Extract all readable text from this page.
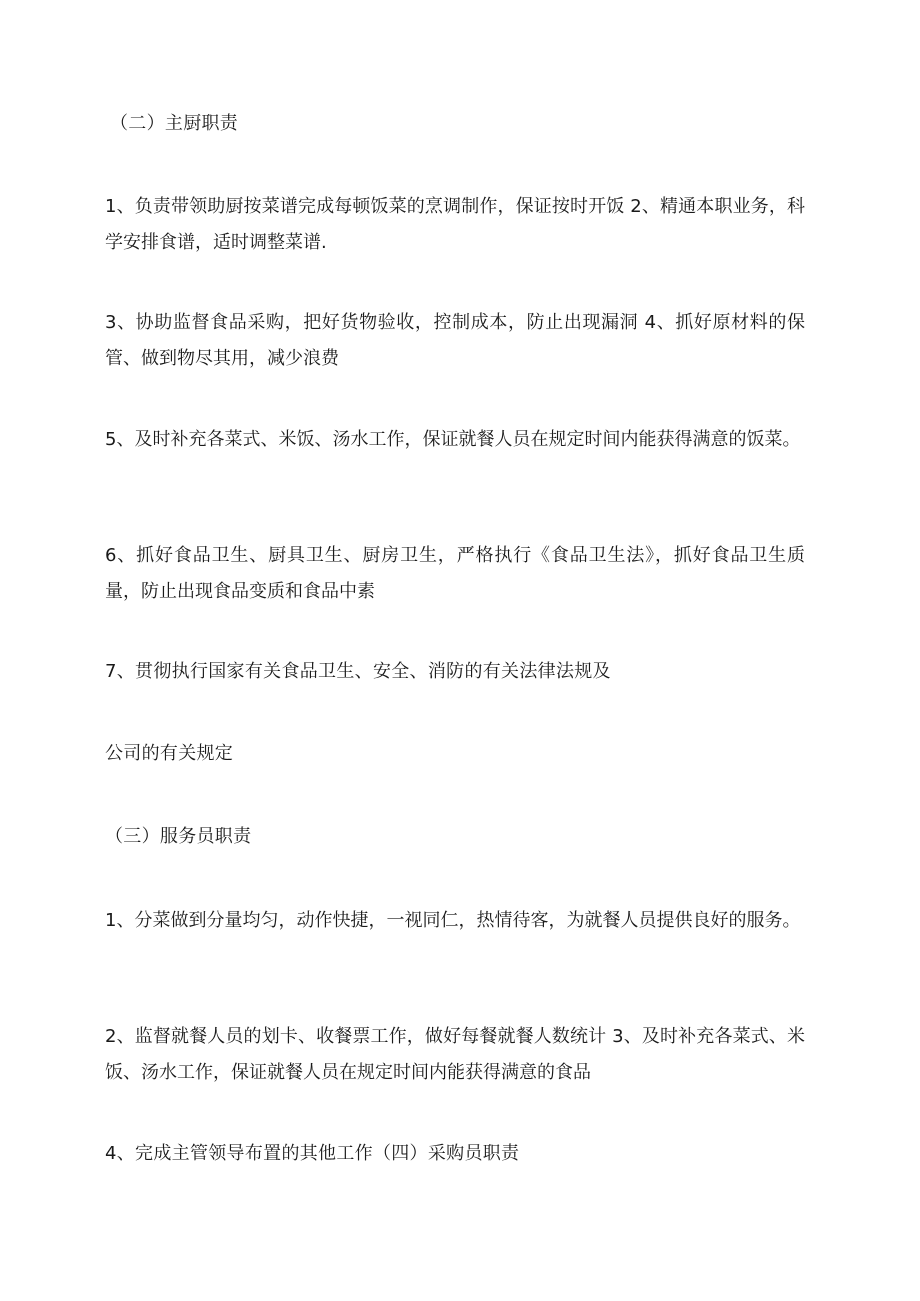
（二）主厨职责

1、负责带领助厨按菜谱完成每顿饭菜的烹调制作，保证按时开饭 2、精通本职业务，科学安排食谱，适时调整菜谱.

3、协助监督食品采购，把好货物验收，控制成本，防止出现漏洞 4、抓好原材料的保管、做到物尽其用，减少浪费

5、及时补充各菜式、米饭、汤水工作，保证就餐人员在规定时间内能获得满意的饭菜。

6、抓好食品卫生、厨具卫生、厨房卫生，严格执行《食品卫生法》，抓好食品卫生质量，防止出现食品变质和食品中素

7、贯彻执行国家有关食品卫生、安全、消防的有关法律法规及

公司的有关规定

（三）服务员职责

1、分菜做到分量均匀，动作快捷，一视同仁，热情待客，为就餐人员提供良好的服务。

2、监督就餐人员的划卡、收餐票工作，做好每餐就餐人数统计 3、及时补充各菜式、米饭、汤水工作，保证就餐人员在规定时间内能获得满意的食品

4、完成主管领导布置的其他工作（四）采购员职责
